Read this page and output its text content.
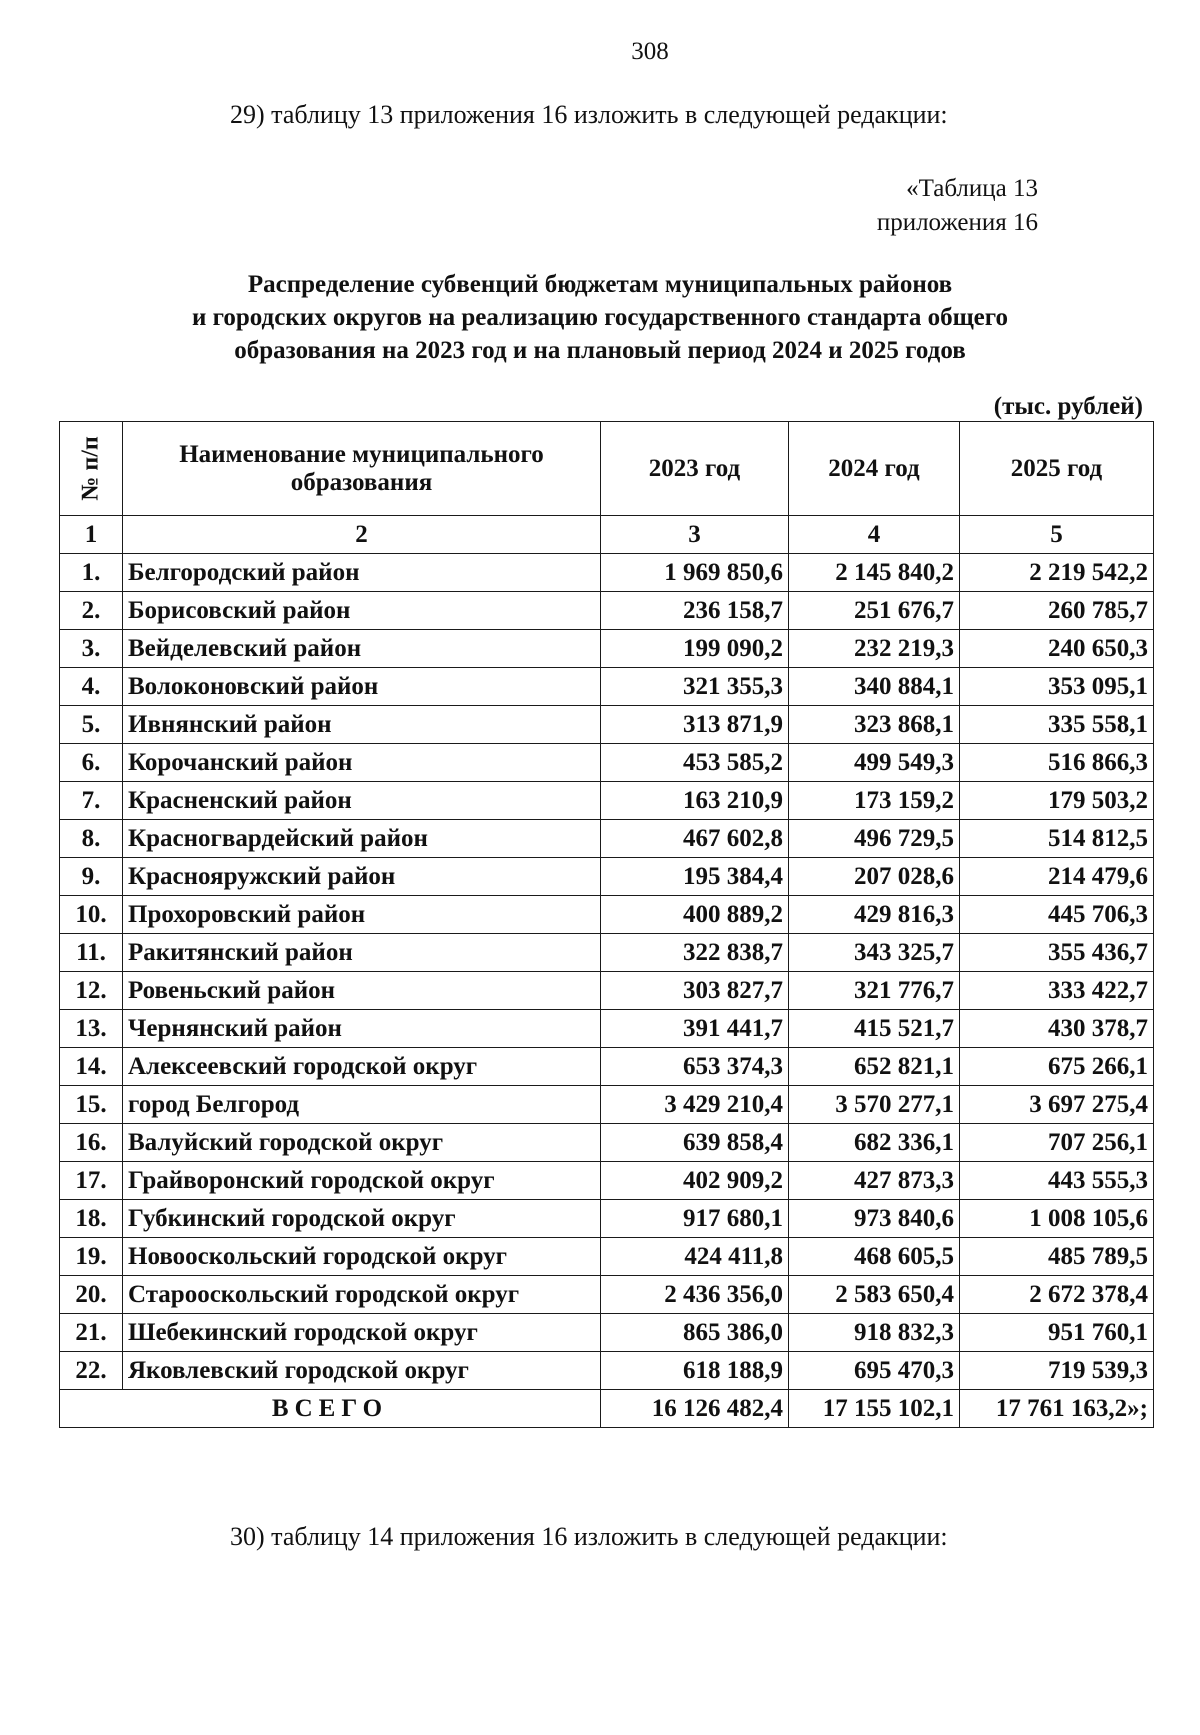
308
29) таблицу 13 приложения 16 изложить в следующей редакции:
«Таблица 13
приложения 16
Распределение субвенций бюджетам муниципальных районов
и городских округов на реализацию государственного стандарта общего
образования на 2023 год и на плановый период 2024 и 2025 годов
(тыс. рублей)
№ п/п	Наименование муниципального образования	2023 год	2024 год	2025 год
1	2	3	4	5
1.	Белгородский район	1 969 850,6	2 145 840,2	2 219 542,2
2.	Борисовский район	236 158,7	251 676,7	260 785,7
3.	Вейделевский район	199 090,2	232 219,3	240 650,3
4.	Волоконовский район	321 355,3	340 884,1	353 095,1
5.	Ивнянский район	313 871,9	323 868,1	335 558,1
6.	Корочанский район	453 585,2	499 549,3	516 866,3
7.	Красненский район	163 210,9	173 159,2	179 503,2
8.	Красногвардейский район	467 602,8	496 729,5	514 812,5
9.	Краснояружский район	195 384,4	207 028,6	214 479,6
10.	Прохоровский район	400 889,2	429 816,3	445 706,3
11.	Ракитянский район	322 838,7	343 325,7	355 436,7
12.	Ровеньский район	303 827,7	321 776,7	333 422,7
13.	Чернянский район	391 441,7	415 521,7	430 378,7
14.	Алексеевский городской округ	653 374,3	652 821,1	675 266,1
15.	город Белгород	3 429 210,4	3 570 277,1	3 697 275,4
16.	Валуйский городской округ	639 858,4	682 336,1	707 256,1
17.	Грайворонский городской округ	402 909,2	427 873,3	443 555,3
18.	Губкинский городской округ	917 680,1	973 840,6	1 008 105,6
19.	Новооскольский городской округ	424 411,8	468 605,5	485 789,5
20.	Старооскольский городской округ	2 436 356,0	2 583 650,4	2 672 378,4
21.	Шебекинский городской округ	865 386,0	918 832,3	951 760,1
22.	Яковлевский городской округ	618 188,9	695 470,3	719 539,3
ВСЕГО		16 126 482,4	17 155 102,1	17 761 163,2»;
30) таблицу 14 приложения 16 изложить в следующей редакции:
